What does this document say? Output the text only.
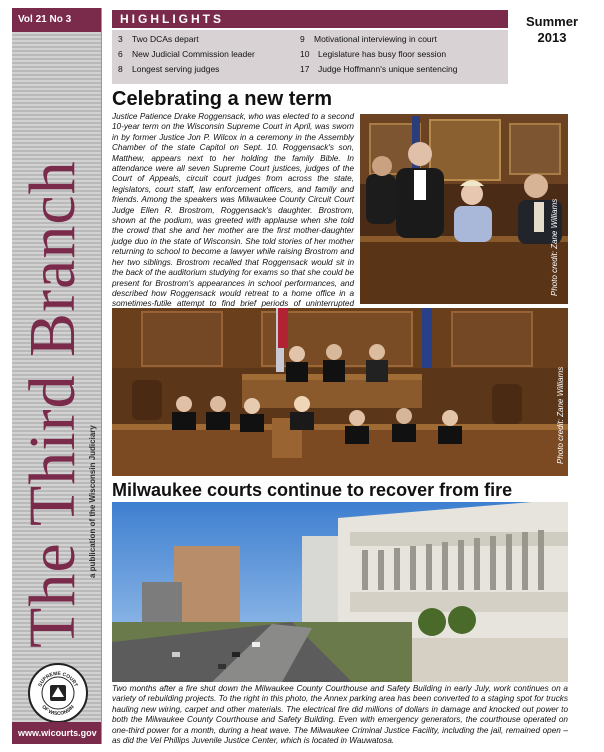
Vol 21 No 3
The Third Branch a publication of the Wisconsin Judiciary
SUPREME COURT
OF WISCONSIN
www.wicourts.gov
HIGHLIGHTS
3 Two DCAs depart
6 New Judicial Commission leader
8 Longest serving judges
9 Motivational interviewing in court
10 Legislature has busy floor session
17 Judge Hoffmann's unique sentencing
Summer
2013
Celebrating a new term
Justice Patience Drake Roggensack, who was elected to a second 10-year term on the Wisconsin Supreme Court in April, was sworn in by former Justice Jon P. Wilcox in a ceremony in the Assembly Chamber of the state Capitol on Sept. 10. Roggensack's son, Matthew, appears next to her holding the family Bible. In attendance were all seven Supreme Court justices, judges of the Court of Appeals, circuit court judges from across the state, legislators, court staff, law enforcement officers, and family and friends. Among the speakers was Milwaukee County Circuit Court Judge Ellen R. Brostrom, Roggensack's daughter. Brostrom, shown at the podium, was greeted with applause when she told the crowd that she and her mother are the first mother-daughter judge duo in the state of Wisconsin. She told stories of her mother returning to school to become a lawyer while raising Brostrom and her two siblings. Brostrom recalled that Roggensack would sit in the back of the auditorium studying for exams so that she could be present for Brostrom's appearances in school performances, and described how Roggensack would retreat to a home office in a sometimes-futile attempt to find brief periods of uninterrupted
Photo credit: Zane Williams
Photo credit: Zane Williams
Milwaukee courts continue to recover from fire
Two months after a fire shut down the Milwaukee County Courthouse and Safety Building in early July, work continues on a variety of rebuilding projects. To the right in this photo, the Annex parking area has been converted to a staging spot for trucks hauling new wiring, carpet and other materials. The electrical fire did millions of dollars in damage and knocked out power to both the Milwaukee County Courthouse and Safety Building. Even with emergency generators, the courthouse operated on one-third power for a month, during a heat wave. The Milwaukee Criminal Justice Facility, including the jail, remained open – as did the Vel Phillips Juvenile Justice Center, which is located in Wauwatosa.
